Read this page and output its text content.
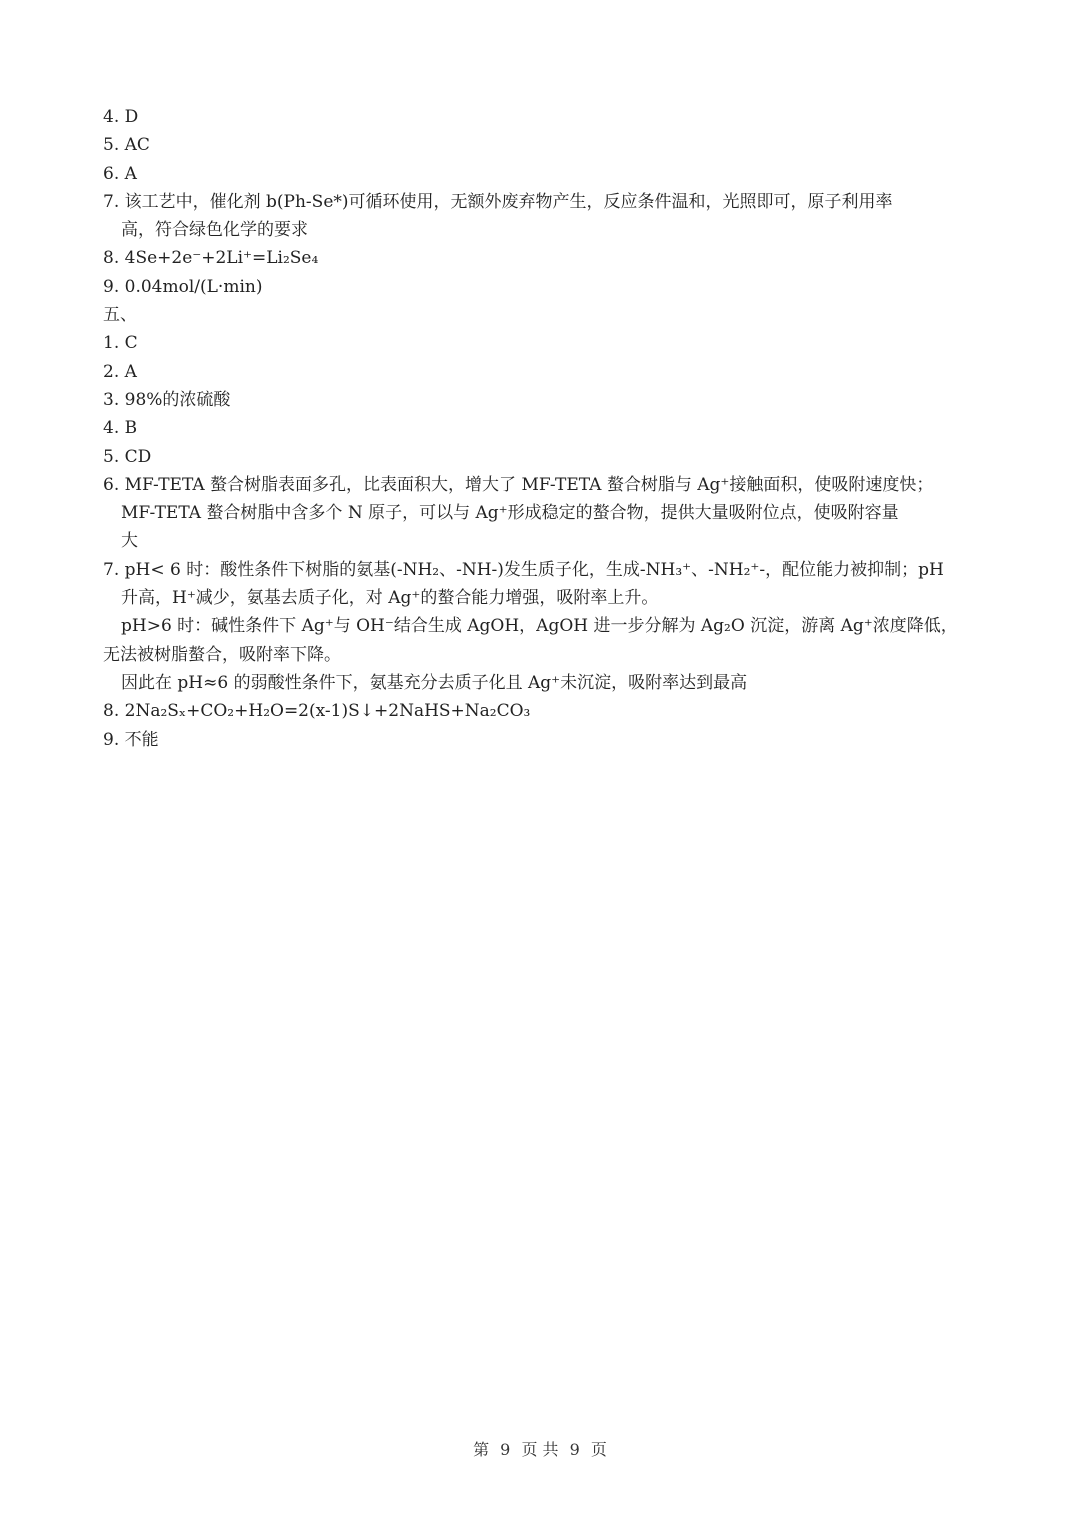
4. D
5. AC
6. A
7. 该工艺中，催化剂 b(Ph-Se*)可循环使用，无额外废弃物产生，反应条件温和，光照即可，原子利用率
高，符合绿色化学的要求
8. 4Se+2e⁻+2Li⁺=Li₂Se₄
9. 0.04mol/(L·min)
五、
1. C
2. A
3. 98%的浓硫酸
4. B
5. CD
6. MF-TETA 螯合树脂表面多孔，比表面积大，增大了 MF-TETA 螯合树脂与 Ag⁺接触面积，使吸附速度快；
MF-TETA 螯合树脂中含多个 N 原子，可以与 Ag⁺形成稳定的螯合物，提供大量吸附位点，使吸附容量
大
7. pH< 6 时：酸性条件下树脂的氨基(-NH₂、-NH-)发生质子化，生成-NH₃⁺、-NH₂⁺-，配位能力被抑制；pH
升高，H⁺减少，氨基去质子化，对 Ag⁺的螯合能力增强，吸附率上升。
pH>6 时：碱性条件下 Ag⁺与 OH⁻结合生成 AgOH，AgOH 进一步分解为 Ag₂O 沉淀，游离 Ag⁺浓度降低，
无法被树脂螯合，吸附率下降。
因此在 pH≈6 的弱酸性条件下，氨基充分去质子化且 Ag⁺未沉淀，吸附率达到最高
8. 2Na₂Sₓ+CO₂+H₂O=2(x-1)S↓+2NaHS+Na₂CO₃
9. 不能
第 9 页 共 9 页
